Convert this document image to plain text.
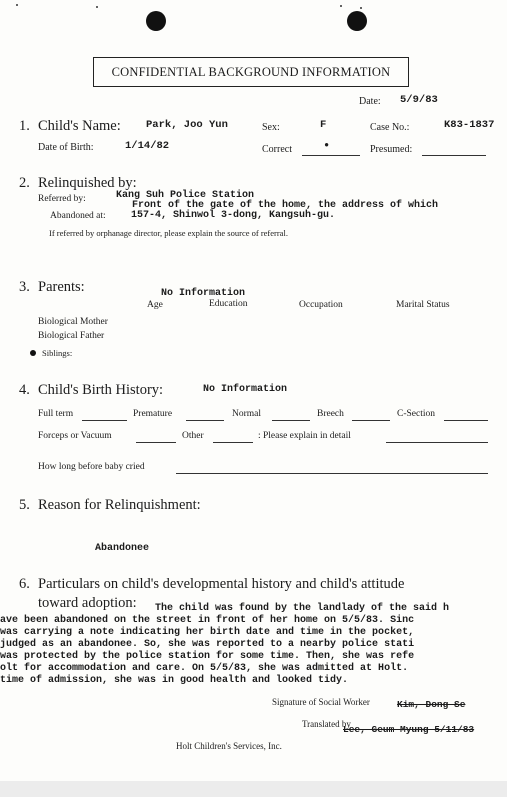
CONFIDENTIAL BACKGROUND INFORMATION
Date: 5/9/83
1. Child's Name: Park, Joo Yun	Sex:	F	Case No.:	K83-1837
Date of Birth:	1/14/82	Correct	•	Presumed:
2. Relinquished by:
Referred by:	Kang Suh Police Station
Front of the gate of the home, the address of which
Abandoned at:	157-4, Shinwol 3-dong, Kangsuh-gu.
If referred by orphanage director, please explain the source of referral.
3. Parents:	No Information
Age	Education	Occupation	Marital Status
Biological Mother
Biological Father
Siblings:
4. Child's Birth History:	No Information
Full term	Premature	Normal	Breech	C-Section
Forceps or Vacuum	Other	: Please explain in detail
How long before baby cried
5. Reason for Relinquishment:
Abandonee
6. Particulars on child's developmental history and child's attitude
toward adoption: The child was found by the landlady of the said h
ave been abandoned on the street in front of her home on 5/5/83. Sinc
was carrying a note indicating her birth date and time in the pocket,
judged as an abandonee. So, she was reported to a nearby police stati
was protected by the police station for some time. Then, she was refe
olt for accommodation and care. On 5/5/83, she was admitted at Holt.
time of admission, she was in good health and looked tidy.
Signature of Social Worker	Kim, Dong Se
Translated by
Lee, Geum Myung 5/11/83
Holt Children's Services, Inc.
